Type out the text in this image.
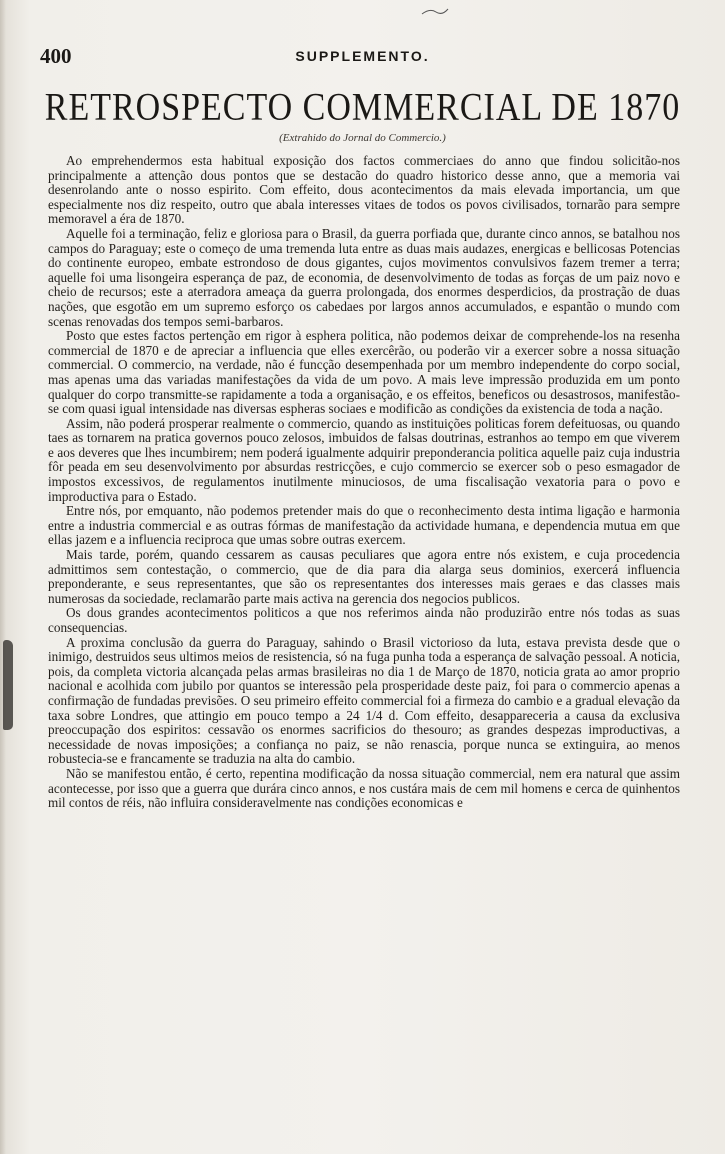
400	SUPPLEMENTO.
RETROSPECTO COMMERCIAL DE 1870
(Extrahido do Jornal do Commercio.)

Ao emprehendermos esta habitual exposição dos factos commerciaes do anno que findou solicitão-nos principalmente a attenção dous pontos que se destacão do quadro historico desse anno, que a memoria vai desenrolando ante o nosso espirito. Com effeito, dous acontecimentos da mais elevada importancia, um que especialmente nos diz respeito, outro que abala interesses vitaes de todos os povos civilisados, tornarão para sempre memoravel a éra de 1870.

Aquelle foi a terminação, feliz e gloriosa para o Brasil, da guerra porfiada que, durante cinco annos, se batalhou nos campos do Paraguay; este o começo de uma tremenda luta entre as duas mais audazes, energicas e bellicosas Potencias do continente europeo, embate estrondoso de dous gigantes, cujos movimentos convulsivos fazem tremer a terra; aquelle foi uma lisongeira esperança de paz, de economia, de desenvolvimento de todas as forças de um paiz novo e cheio de recursos; este a aterradora ameaça da guerra prolongada, dos enormes desperdicios, da prostração de duas nações, que esgotão em um supremo esforço os cabedaes por largos annos accumulados, e espantão o mundo com scenas renovadas dos tempos semi-barbaros.

Posto que estes factos pertenção em rigor à esphera politica, não podemos deixar de comprehende-los na resenha commercial de 1870 e de apreciar a influencia que elles exercêrão, ou poderão vir a exercer sobre a nossa situação commercial. O commercio, na verdade, não é funcção desempenhada por um membro independente do corpo social, mas apenas uma das variadas manifestações da vida de um povo. A mais leve impressão produzida em um ponto qualquer do corpo transmitte-se rapidamente a toda a organisação, e os effeitos, beneficos ou desastrosos, manifestão-se com quasi igual intensidade nas diversas espheras sociaes e modificão as condições da existencia de toda a nação.

Assim, não poderá prosperar realmente o commercio, quando as instituições politicas forem defeituosas, ou quando taes as tornarem na pratica governos pouco zelosos, imbuidos de falsas doutrinas, estranhos ao tempo em que viverem e aos deveres que lhes incumbirem; nem poderá igualmente adquirir preponderancia politica aquelle paiz cuja industria fôr peada em seu desenvolvimento por absurdas restricções, e cujo commercio se exercer sob o peso esmagador de impostos excessivos, de regulamentos inutilmente minuciosos, de uma fiscalisação vexatoria para o povo e improductiva para o Estado.

Entre nós, por emquanto, não podemos pretender mais do que o reconhecimento desta intima ligação e harmonia entre a industria commercial e as outras fórmas de manifestação da actividade humana, e dependencia mutua em que ellas jazem e a influencia reciproca que umas sobre outras exercem.

Mais tarde, porém, quando cessarem as causas peculiares que agora entre nós existem, e cuja procedencia admittimos sem contestação, o commercio, que de dia para dia alarga seus dominios, exercerá influencia preponderante, e seus representantes, que são os representantes dos interesses mais geraes e das classes mais numerosas da sociedade, reclamarão parte mais activa na gerencia dos negocios publicos.

Os dous grandes acontecimentos politicos a que nos referimos ainda não produzirão entre nós todas as suas consequencias.

A proxima conclusão da guerra do Paraguay, sahindo o Brasil victorioso da luta, estava prevista desde que o inimigo, destruidos seus ultimos meios de resistencia, só na fuga punha toda a esperança de salvação pessoal. A noticia, pois, da completa victoria alcançada pelas armas brasileiras no dia 1 de Março de 1870, noticia grata ao amor proprio nacional e acolhida com jubilo por quantos se interessão pela prosperidade deste paiz, foi para o commercio apenas a confirmação de fundadas previsões. O seu primeiro effeito commercial foi a firmeza do cambio e a gradual elevação da taxa sobre Londres, que attingio em pouco tempo a 24 1/4 d. Com effeito, desappareceria a causa da exclusiva preoccupação dos espiritos: cessavão os enormes sacrificios do thesouro; as grandes despezas improductivas, a necessidade de novas imposições; a confiança no paiz, se não renascia, porque nunca se extinguira, ao menos robustecia-se e francamente se traduzia na alta do cambio.

Não se manifestou então, é certo, repentina modificação da nossa situação commercial, nem era natural que assim acontecesse, por isso que a guerra que durára cinco annos, e nos custára mais de cem mil homens e cerca de quinhentos mil contos de réis, não influira consideravelmente nas condições economicas e
